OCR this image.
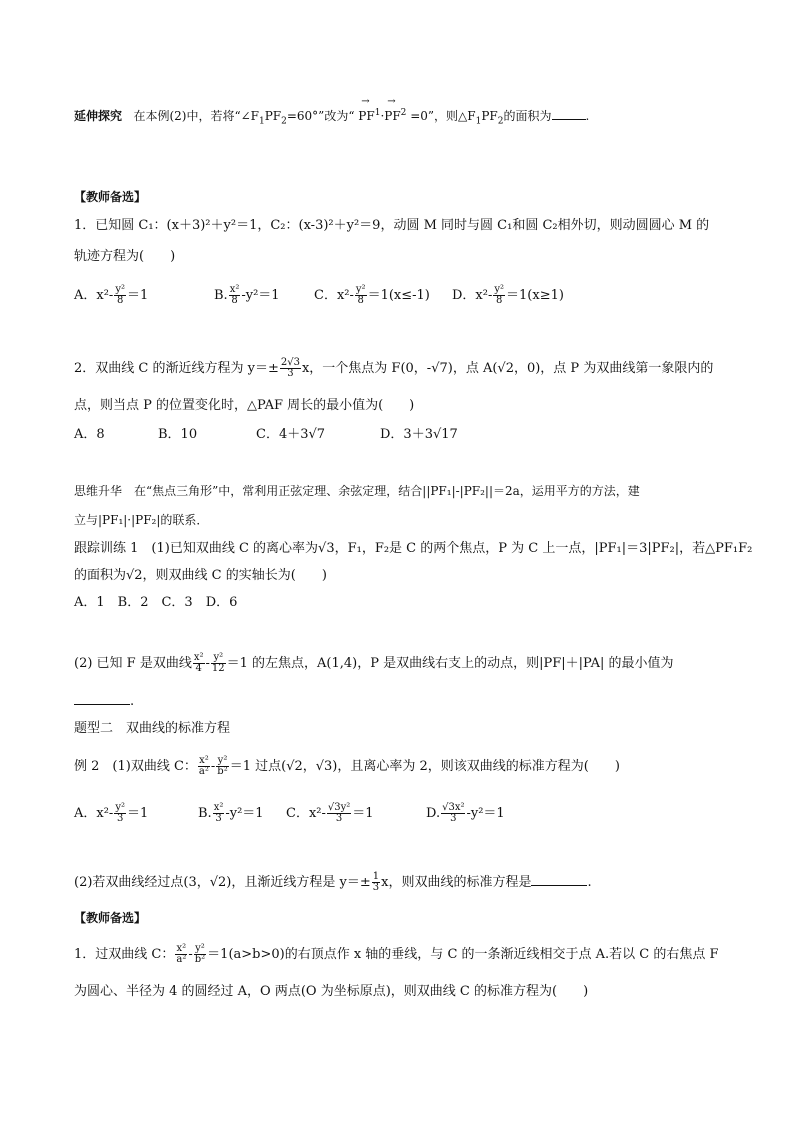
延伸探究 在本例(2)中，若将“$\angle F_1PF_2=60^\circ$”改为“ → $PF^1\cdot\to PF^2 =0$”，则$\triangle F_1PF_2$的面积为	.
【教师备选】
1．已知圆 C₁：(x＋3)²＋y²＝1，C₂：(x-3)²＋y²＝9，动圆 M 同时与圆 C₁和圆 C₂相外切，则动圆圆心 M 的
轨迹方程为(　　)
A．$x^2- \frac{\text{y²}}{8} =1$	B. $\frac{\text{x²}}{8} -y^2=1$	C．$x^2- \frac{\text{y²}}{8} =1(x\le-1)$ D．$x^2- \frac{\text{y²}}{8} =1(x\ge 1)$
2．双曲线 C 的渐近线方程为 $y=\pm \frac{2√3}{3}$ x，一个焦点为 F(0，-√7)，点 A(√2，0)，点 P 为双曲线第一象限内的
点，则当点 P 的位置变化时，△PAF 周长的最小值为(　　)
A．8	B．10	C．4＋3√7	D．3＋3√17
思维升华　在“焦点三角形”中，常利用正弦定理、余弦定理，结合||PF₁|-|PF₂||＝2a，运用平方的方法，建
立与|PF₁|·|PF₂|的联系．
跟踪训练 1　(1)已知双曲线 C 的离心率为√3，F₁，F₂是 C 的两个焦点，P 为 C 上一点，|PF₁|＝3|PF₂|，若△PF₁F₂
的面积为√2，则双曲线 C 的实轴长为(　　)
A．1　B．2　C．3　D．6
(2) 已知 F 是双曲线 $\frac{\text{x²}}{4} - \frac{\text{y²}}{12} =1$ 的左焦点，A(1,4)，P 是双曲线右支上的动点，则|PF|＋|PA| 的最小值为
.
题型二　双曲线的标准方程
例 2　(1)双曲线 C： $\frac{\text{x²}}{\text{a²}} - \frac{\text{y²}}{\text{b²}} =1$ 过点(√2，√3)，且离心率为 2，则该双曲线的标准方程为(　　)
A．$x^2- \frac{\text{y²}}{3} =1$	B. $\frac{\text{x²}}{3} -y^2=1$ C．$x^2- \frac{\text{√3y²}}{3} =1$	D. $\frac{\text{√3x²}}{3} -y^2=1$
(2)若双曲线经过点(3，√2)，且渐近线方程是 $y=\pm \frac{1}{3}$ x，则双曲线的标准方程是	.
【教师备选】
1．过双曲线 C： $\frac{\text{x²}}{\text{a²}} - \frac{\text{y²}}{\text{b²}} =1(a>b>0)$的右顶点作 x 轴的垂线，与 C 的一条渐近线相交于点 A.若以 C 的右焦点 F
为圆心、半径为 4 的圆经过 A，O 两点(O 为坐标原点)，则双曲线 C 的标准方程为(　　)
